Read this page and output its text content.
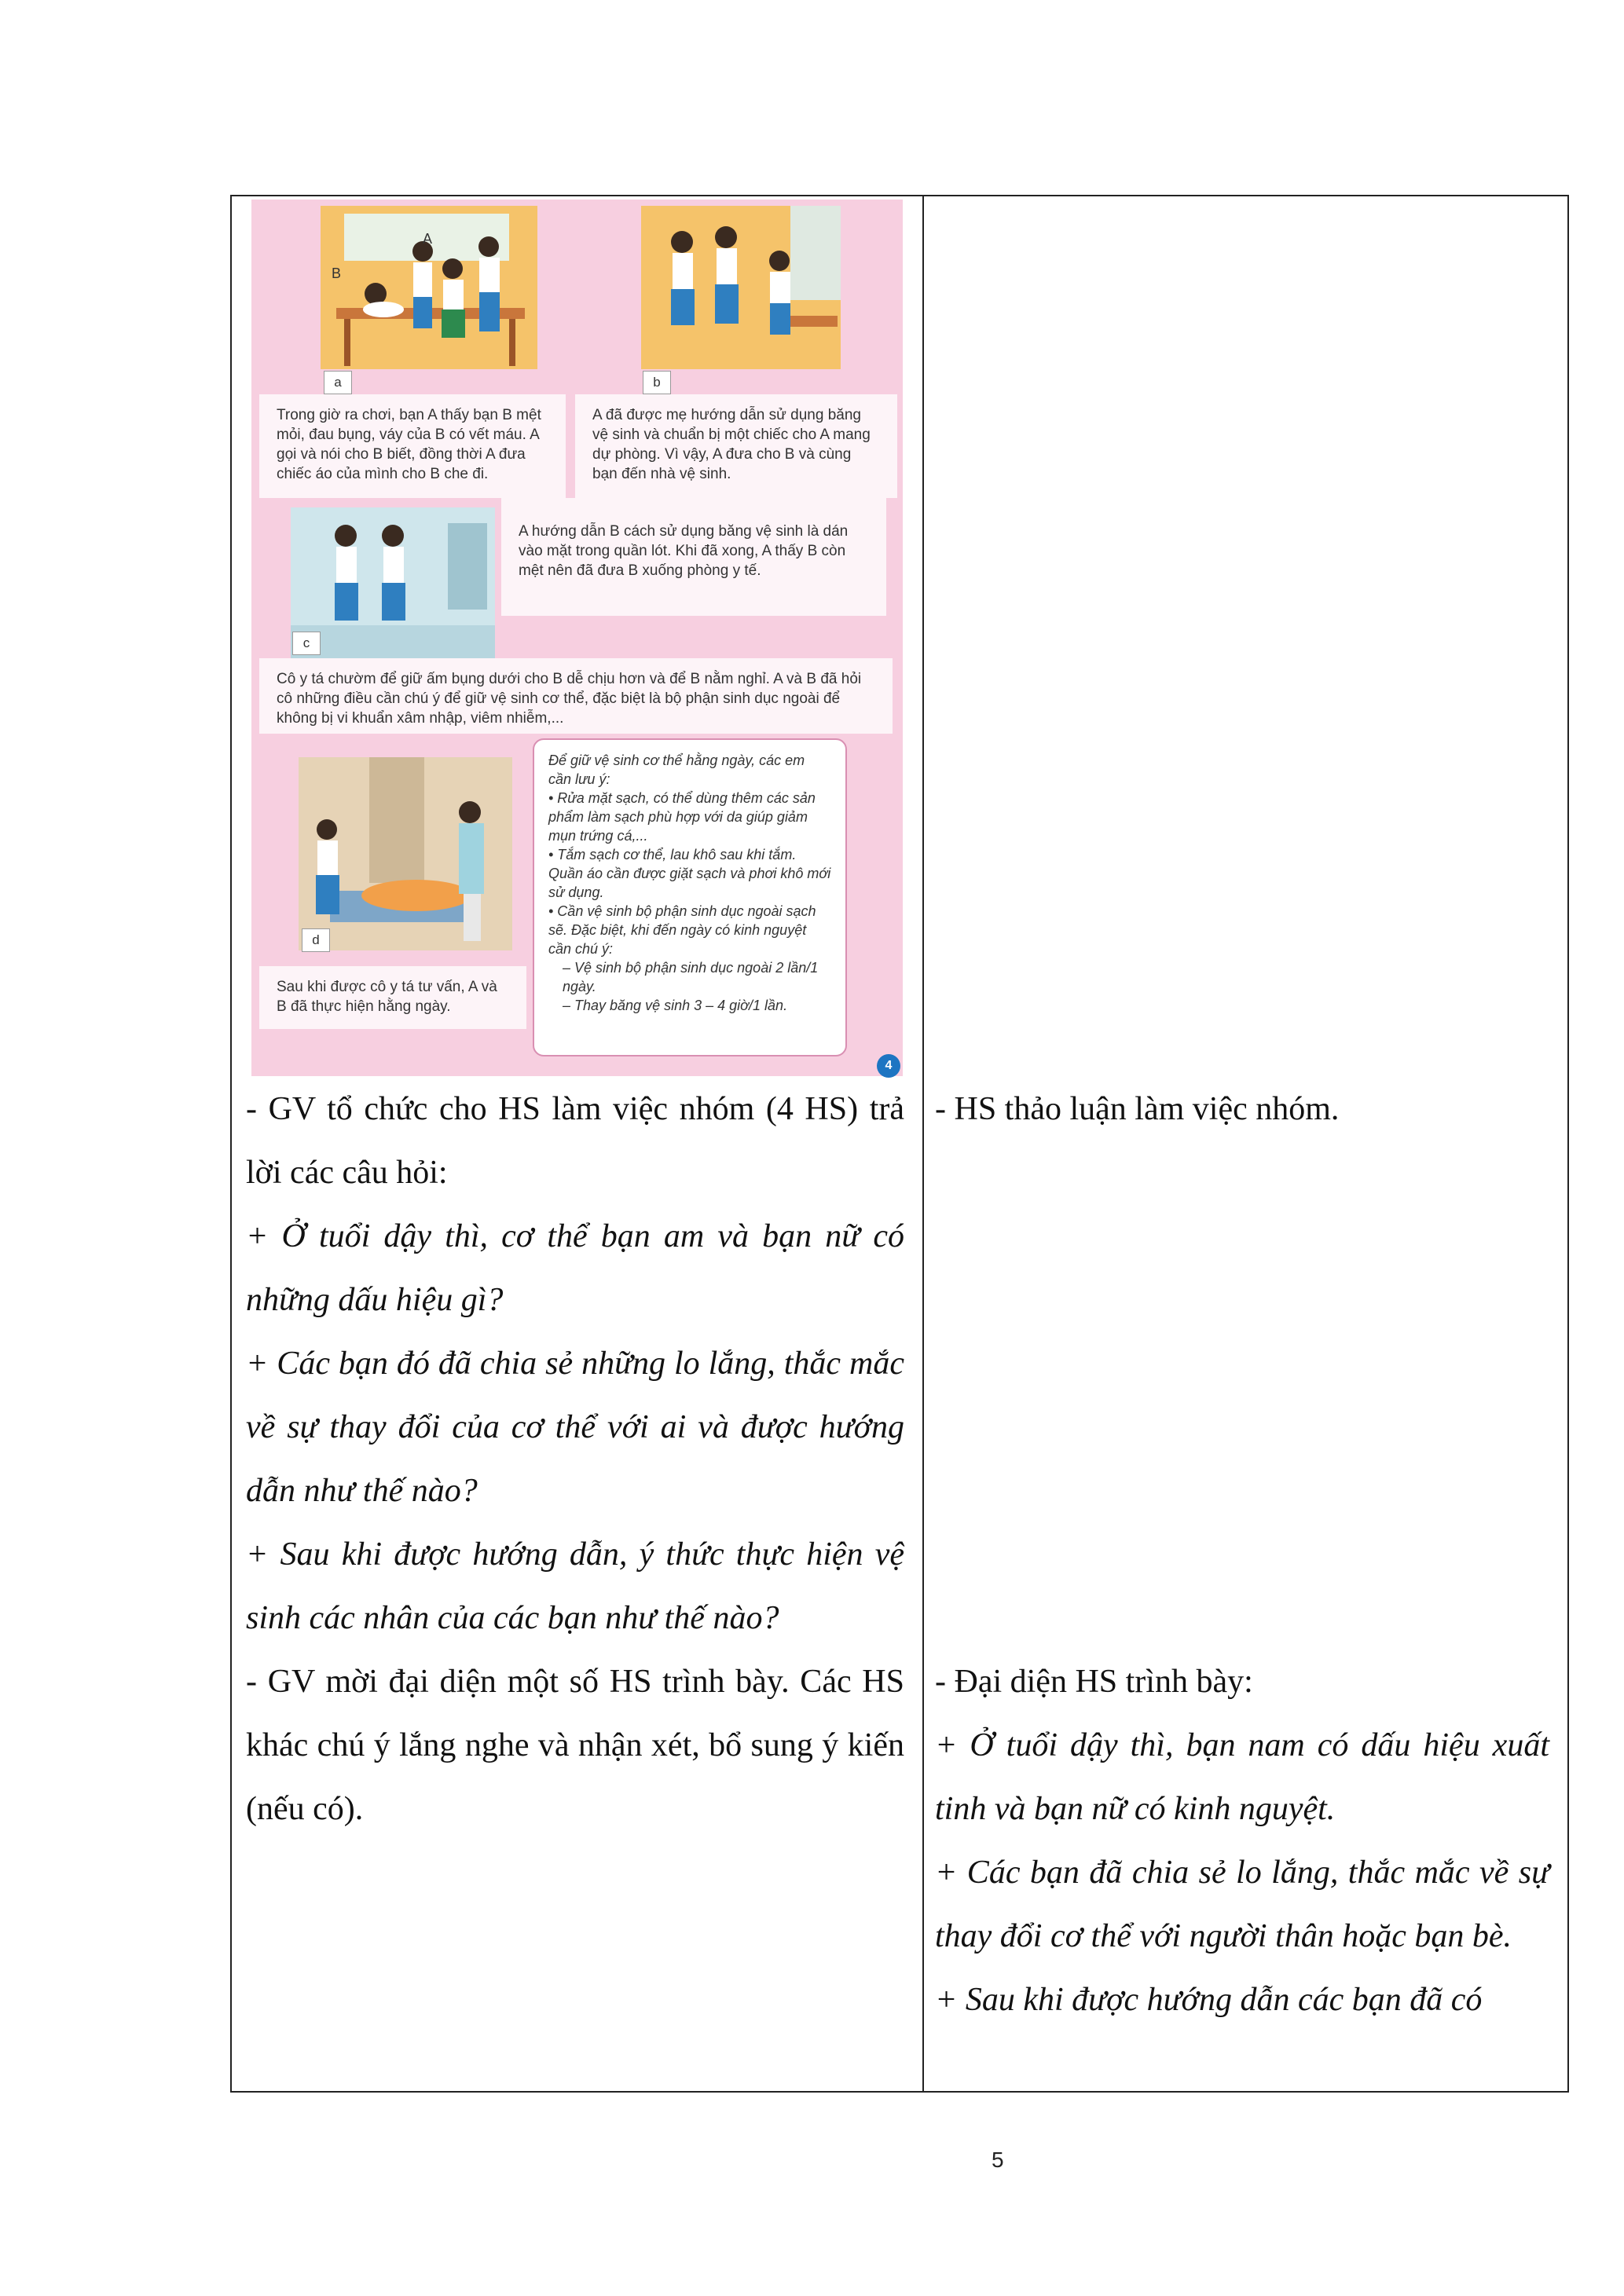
a
B
A
Trong giờ ra chơi, bạn A thấy bạn B mệt mỏi, đau bụng, váy của B có vết máu. A gọi và nói cho B biết, đồng thời A đưa chiếc áo của mình cho B che đi.
b
A đã được mẹ hướng dẫn sử dụng băng vệ sinh và chuẩn bị một chiếc cho A mang dự phòng. Vì vậy, A đưa cho B và cùng bạn đến nhà vệ sinh.
c
A hướng dẫn B cách sử dụng băng vệ sinh là dán vào mặt trong quần lót. Khi đã xong, A thấy B còn mệt nên đã đưa B xuống phòng y tế.
Cô y tá chườm để giữ ấm bụng dưới cho B dễ chịu hơn và để B nằm nghỉ. A và B đã hỏi cô những điều cần chú ý để giữ vệ sinh cơ thể, đặc biệt là bộ phận sinh dục ngoài để không bị vi khuẩn xâm nhập, viêm nhiễm,...
d
Sau khi được cô y tá tư vấn, A và B đã thực hiện hằng ngày.
Để giữ vệ sinh cơ thể hằng ngày, các em cần lưu ý:
• Rửa mặt sạch, có thể dùng thêm các sản phẩm làm sạch phù hợp với da giúp giảm mụn trứng cá,...
• Tắm sạch cơ thể, lau khô sau khi tắm. Quần áo cần được giặt sạch và phơi khô mới sử dụng.
• Cần vệ sinh bộ phận sinh dục ngoài sạch sẽ. Đặc biệt, khi đến ngày có kinh nguyệt cần chú ý:
– Vệ sinh bộ phận sinh dục ngoài 2 lần/1 ngày.
– Thay băng vệ sinh 3 – 4 giờ/1 lần.
4

- GV tổ chức cho HS làm việc nhóm (4 HS) trả lời các câu hỏi:

+ Ở tuổi dậy thì, cơ thể bạn am và bạn nữ có những dấu hiệu gì?

+ Các bạn đó đã chia sẻ những lo lắng, thắc mắc về sự thay đổi của cơ thể với ai và được hướng dẫn như thế nào?

+ Sau khi được hướng dẫn, ý thức thực hiện vệ sinh các nhân của các bạn như thế nào?

- GV mời đại diện một số HS trình bày. Các HS khác chú ý lắng nghe và nhận xét, bổ sung ý kiến (nếu có).

- HS thảo luận làm việc nhóm.

- Đại diện HS trình bày:

+ Ở tuổi dậy thì, bạn nam có dấu hiệu xuất tinh và bạn nữ có kinh nguyệt.

+ Các bạn đã chia sẻ lo lắng, thắc mắc về sự thay đổi cơ thể với người thân hoặc bạn bè.

+ Sau khi được hướng dẫn các bạn đã có

5
